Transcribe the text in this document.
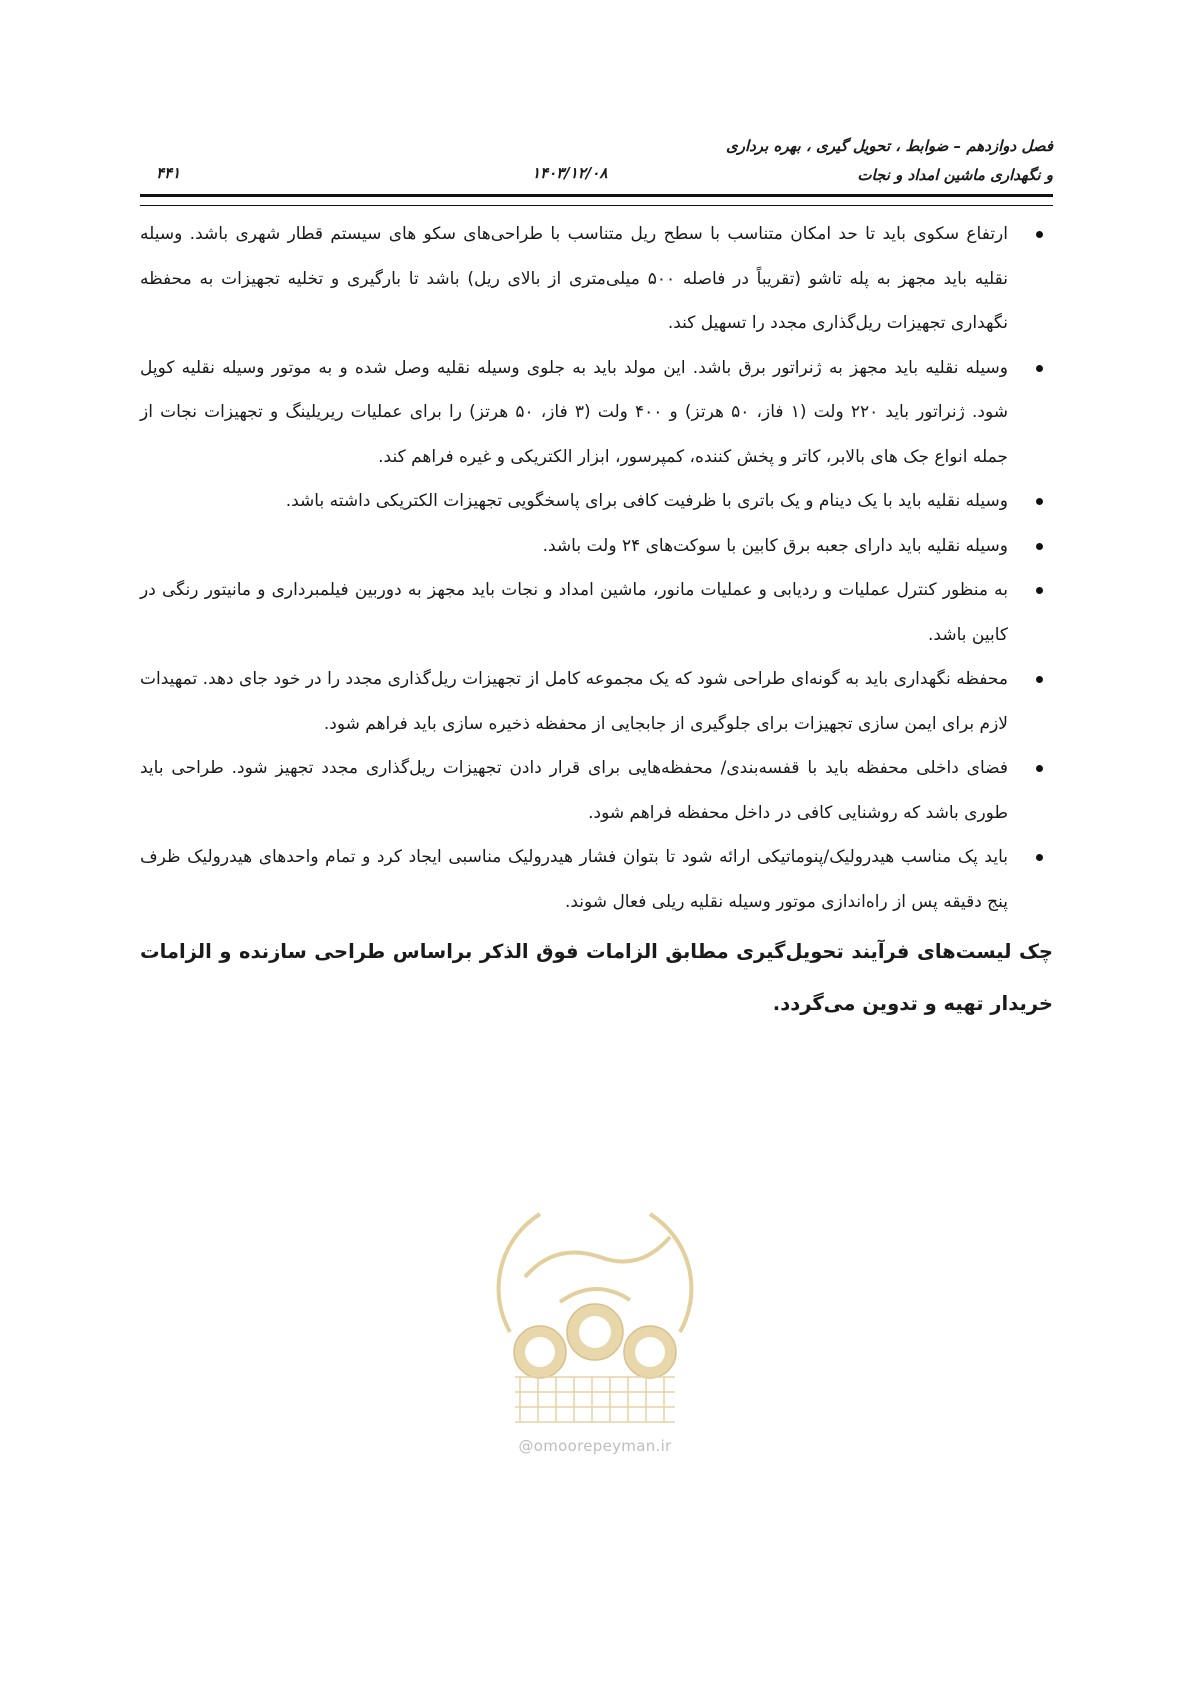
فصل دوازدهم – ضوابط ، تحویل گیری ، بهره برداری
و نگهداری ماشین امداد و نجات
۱۴۰۳/۱۲/۰۸
۴۴۱
ارتفاع سکوی باید تا حد امکان متناسب با سطح ریل متناسب با طراحی‌های سکو های سیستم قطار شهری باشد. وسیله نقلیه باید مجهز به پله تاشو (تقریباً در فاصله ۵۰۰ میلی‌متری از بالای ریل) باشد تا بارگیری و تخلیه تجهیزات به محفظه نگهداری تجهیزات ریل‌گذاری مجدد را تسهیل کند.
وسیله نقلیه باید مجهز به ژنراتور برق باشد. این مولد باید به جلوی وسیله نقلیه وصل شده و به موتور وسیله نقلیه کوپل شود. ژنراتور باید ۲۲۰ ولت (۱ فاز، ۵۰ هرتز) و ۴۰۰ ولت (۳ فاز، ۵۰ هرتز) را برای عملیات ریریلینگ و تجهیزات نجات از جمله انواع جک های بالابر، کاتر و پخش کننده، کمپرسور، ابزار الکتریکی و غیره فراهم کند.
وسیله نقلیه باید با یک دینام و یک باتری با ظرفیت کافی برای پاسخگویی تجهیزات الکتریکی داشته باشد.
وسیله نقلیه باید دارای جعبه برق کابین با سوکت‌های ۲۴ ولت باشد.
به منظور کنترل عملیات و ردیابی و عملیات مانور، ماشین امداد و نجات باید مجهز به دوربین فیلمبرداری و مانیتور رنگی در کابین باشد.
محفظه نگهداری باید به گونه‌ای طراحی شود که یک مجموعه کامل از تجهیزات ریل‌گذاری مجدد را در خود جای دهد. تمهیدات لازم برای ایمن سازی تجهیزات برای جلوگیری از جابجایی از محفظه ذخیره سازی باید فراهم شود.
فضای داخلی محفظه باید با قفسه‌بندی/ محفظه‌هایی برای قرار دادن تجهیزات ریل‌گذاری مجدد تجهیز شود. طراحی باید طوری باشد که روشنایی کافی در داخل محفظه فراهم شود.
باید پک مناسب هیدرولیک/پنوماتیکی ارائه شود تا بتوان فشار هیدرولیک مناسبی ایجاد کرد و تمام واحدهای هیدرولیک ظرف پنج دقیقه پس از راه‌اندازی موتور وسیله نقلیه ریلی فعال شوند.

چک لیست‌های فرآیند تحویل‌گیری مطابق الزامات فوق الذکر براساس طراحی سازنده و الزامات خریدار تهیه و تدوین می‌گردد.

@omoorepeyman.ir
